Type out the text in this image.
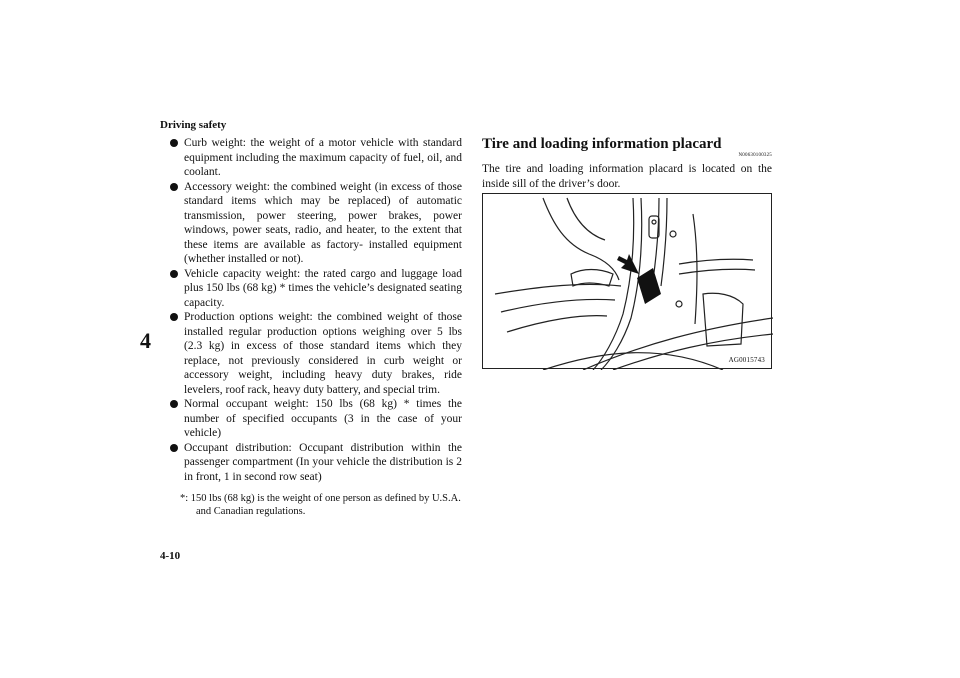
Driving safety
4
4-10
Curb weight: the weight of a motor vehicle with standard equipment including the maximum capacity of fuel, oil, and coolant.
Accessory weight: the combined weight (in excess of those standard items which may be replaced) of automatic transmission, power steering, power brakes, power windows, power seats, radio, and heater, to the extent that these items are available as factory- installed equipment (whether installed or not).
Vehicle capacity weight: the rated cargo and luggage load plus 150 lbs (68 kg) * times the vehicle’s designated seating capacity.
Production options weight: the combined weight of those installed regular production options weighing over 5 lbs (2.3 kg) in excess of those standard items which they replace, not previously considered in curb weight or accessory weight, including heavy duty brakes, ride levelers, roof rack, heavy duty battery, and special trim.
Normal occupant weight: 150 lbs (68 kg) * times the number of specified occupants (3 in the case of your vehicle)
Occupant distribution: Occupant distribution within the passenger compartment (In your vehicle the distribution is 2 in front, 1 in second row seat)

*: 150 lbs (68 kg) is the weight of one person as defined by U.S.A. and Canadian regulations.

Tire and loading information placard
N00630100325

The tire and loading information placard is located on the inside sill of the driver’s door.

AG0015743
